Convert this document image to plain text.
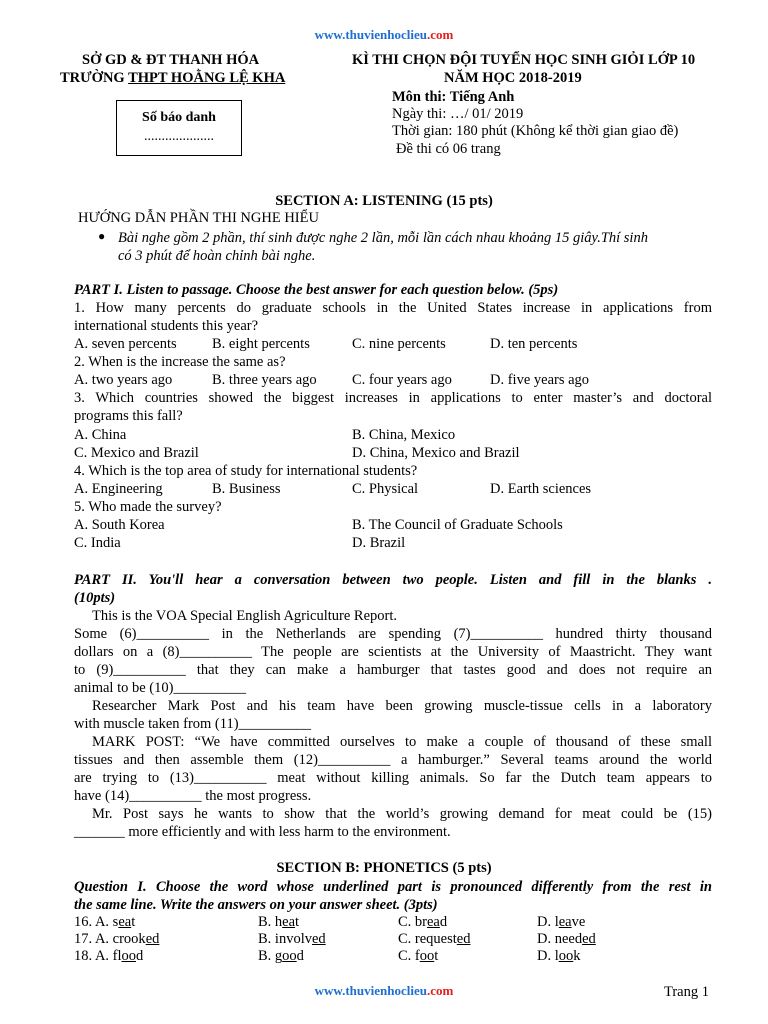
www.thuvienhoclieu.com
SỞ GD & ĐT THANH HÓA
TRƯỜNG THPT HOẰNG LỆ KHA
Số báo danh
....................
KÌ THI CHỌN ĐỘI TUYỂN HỌC SINH GIỎI LỚP 10
NĂM HỌC 2018-2019
Môn thi: Tiếng Anh
Ngày thi: …/ 01/ 2019
Thời gian: 180 phút (Không kể thời gian giao đề)
Đề thi có 06 trang
SECTION A: LISTENING (15 pts)
HƯỚNG DẪN PHẦN THI NGHE HIỂU
● Bài nghe gồm 2 phần, thí sinh được nghe 2 lần, mỗi lần cách nhau khoảng 15 giây.Thí sinh
có 3 phút để hoàn chỉnh bài nghe.
PART I. Listen to passage. Choose the best answer for each question below. (5ps)
1. How many percents do graduate schools in the United States increase in applications from
international students this year?
A. seven percents B. eight percents	C. nine percents	D. ten percents
2. When is the increase the same as?
A. two years ago	B. three years ago C. four years ago	D. five years ago
3. Which countries showed the biggest increases in applications to enter master’s and doctoral
programs this fall?
A. China	B. China, Mexico
C. Mexico and Brazil	D. China, Mexico and Brazil
4. Which is the top area of study for international students?
A. Engineering	B. Business	C. Physical	D. Earth sciences
5. Who made the survey?
A. South Korea	B. The Council of Graduate Schools
C. India	D. Brazil
PART II. You'll hear a conversation between two people. Listen and fill in the blanks .
(10pts)
This is the VOA Special English Agriculture Report.
Some (6)__________ in the Netherlands are spending (7)__________ hundred thirty thousand
dollars on a (8)__________ The people are scientists at the University of Maastricht. They want
to (9)__________ that they can make a hamburger that tastes good and does not require an
animal to be (10)__________
Researcher Mark Post and his team have been growing muscle-tissue cells in a laboratory
with muscle taken from (11)__________
MARK POST: “We have committed ourselves to make a couple of thousand of these small
tissues and then assemble them (12)__________ a hamburger.” Several teams around the world
are trying to (13)__________ meat without killing animals. So far the Dutch team appears to
have (14)__________ the most progress.
Mr. Post says he wants to show that the world’s growing demand for meat could be (15)
_______ more efficiently and with less harm to the environment.
SECTION B: PHONETICS (5 pts)
Question I. Choose the word whose underlined part is pronounced differently from the rest in
the same line. Write the answers on your answer sheet. (3pts)
16. A. seat	B. heat	C. bread	D. leave
17. A. crooked	B. involved	C. requested	D. needed
18. A. flood	B. good	C. foot	D. look
www.thuvienhoclieu.com	Trang 1
